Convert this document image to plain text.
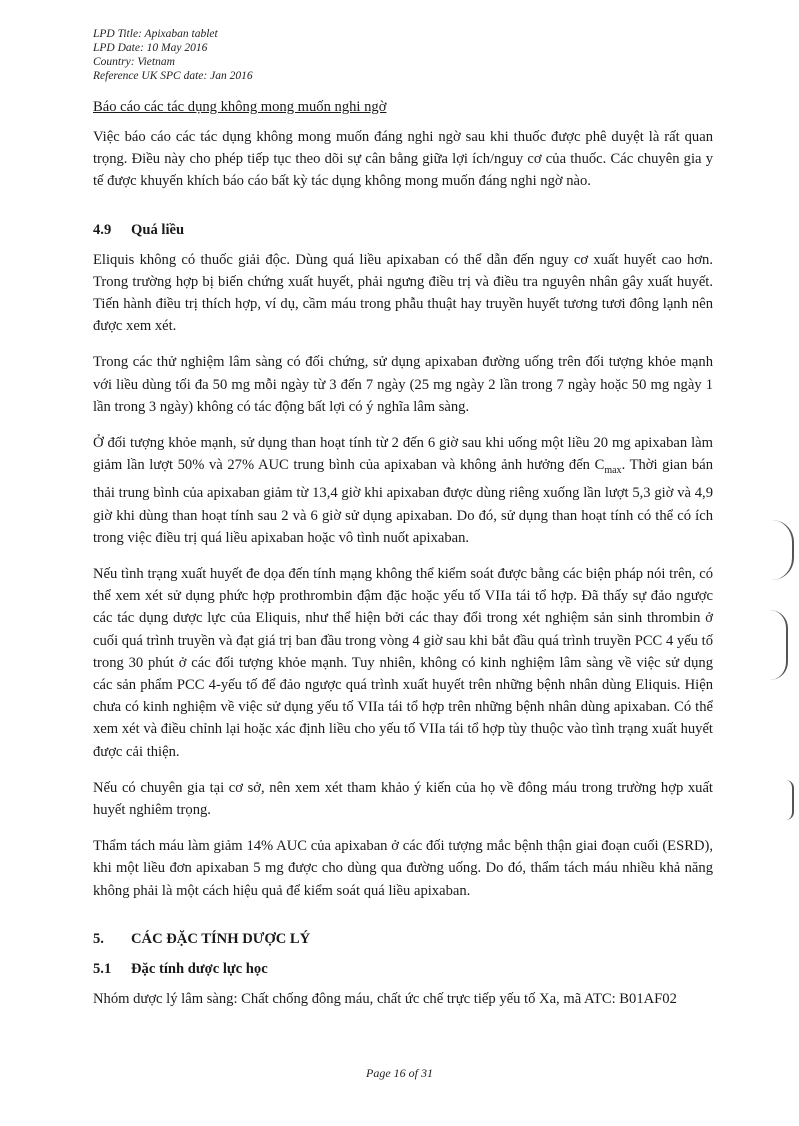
LPD Title: Apixaban tablet
LPD Date: 10 May 2016
Country: Vietnam
Reference UK SPC date: Jan 2016
Báo cáo các tác dụng không mong muốn nghi ngờ

Việc báo cáo các tác dụng không mong muốn đáng nghi ngờ sau khi thuốc được phê duyệt là rất quan trọng. Điều này cho phép tiếp tục theo dõi sự cân bằng giữa lợi ích/nguy cơ của thuốc. Các chuyên gia y tế được khuyến khích báo cáo bất kỳ tác dụng không mong muốn đáng nghi ngờ nào.

4.9 Quá liều

Eliquis không có thuốc giải độc. Dùng quá liều apixaban có thể dẫn đến nguy cơ xuất huyết cao hơn. Trong trường hợp bị biến chứng xuất huyết, phải ngưng điều trị và điều tra nguyên nhân gây xuất huyết. Tiến hành điều trị thích hợp, ví dụ, cầm máu trong phẫu thuật hay truyền huyết tương tươi đông lạnh nên được xem xét.

Trong các thử nghiệm lâm sàng có đối chứng, sử dụng apixaban đường uống trên đối tượng khỏe mạnh với liều dùng tối đa 50 mg mỗi ngày từ 3 đến 7 ngày (25 mg ngày 2 lần trong 7 ngày hoặc 50 mg ngày 1 lần trong 3 ngày) không có tác động bất lợi có ý nghĩa lâm sàng.

Ở đối tượng khỏe mạnh, sử dụng than hoạt tính từ 2 đến 6 giờ sau khi uống một liều 20 mg apixaban làm giảm lần lượt 50% và 27% AUC trung bình của apixaban và không ảnh hưởng đến $C_{max}$. Thời gian bán thải trung bình của apixaban giảm từ 13,4 giờ khi apixaban được dùng riêng xuống lần lượt 5,3 giờ và 4,9 giờ khi dùng than hoạt tính sau 2 và 6 giờ sử dụng apixaban. Do đó, sử dụng than hoạt tính có thể có ích trong việc điều trị quá liều apixaban hoặc vô tình nuốt apixaban.

Nếu tình trạng xuất huyết đe dọa đến tính mạng không thể kiểm soát được bằng các biện pháp nói trên, có thể xem xét sử dụng phức hợp prothrombin đậm đặc hoặc yếu tố VIIa tái tổ hợp. Đã thấy sự đảo ngược các tác dụng dược lực của Eliquis, như thể hiện bởi các thay đổi trong xét nghiệm sản sinh thrombin ở cuối quá trình truyền và đạt giá trị ban đầu trong vòng 4 giờ sau khi bắt đầu quá trình truyền PCC 4 yếu tố trong 30 phút ở các đối tượng khỏe mạnh. Tuy nhiên, không có kinh nghiệm lâm sàng về việc sử dụng các sản phẩm PCC 4-yếu tố để đảo ngược quá trình xuất huyết trên những bệnh nhân dùng Eliquis. Hiện chưa có kinh nghiệm về việc sử dụng yếu tố VIIa tái tổ hợp trên những bệnh nhân dùng apixaban. Có thể xem xét và điều chỉnh lại hoặc xác định liều cho yếu tố VIIa tái tổ hợp tùy thuộc vào tình trạng xuất huyết được cải thiện.

Nếu có chuyên gia tại cơ sở, nên xem xét tham khảo ý kiến của họ về đông máu trong trường hợp xuất huyết nghiêm trọng.

Thẩm tách máu làm giảm 14% AUC của apixaban ở các đối tượng mắc bệnh thận giai đoạn cuối (ESRD), khi một liều đơn apixaban 5 mg được cho dùng qua đường uống. Do đó, thẩm tách máu nhiều khả năng không phải là một cách hiệu quả để kiểm soát quá liều apixaban.

5. CÁC ĐẶC TÍNH DƯỢC LÝ
5.1 Đặc tính dược lực học

Nhóm dược lý lâm sàng: Chất chống đông máu, chất ức chế trực tiếp yếu tố Xa, mã ATC: B01AF02

Page 16 of 31
